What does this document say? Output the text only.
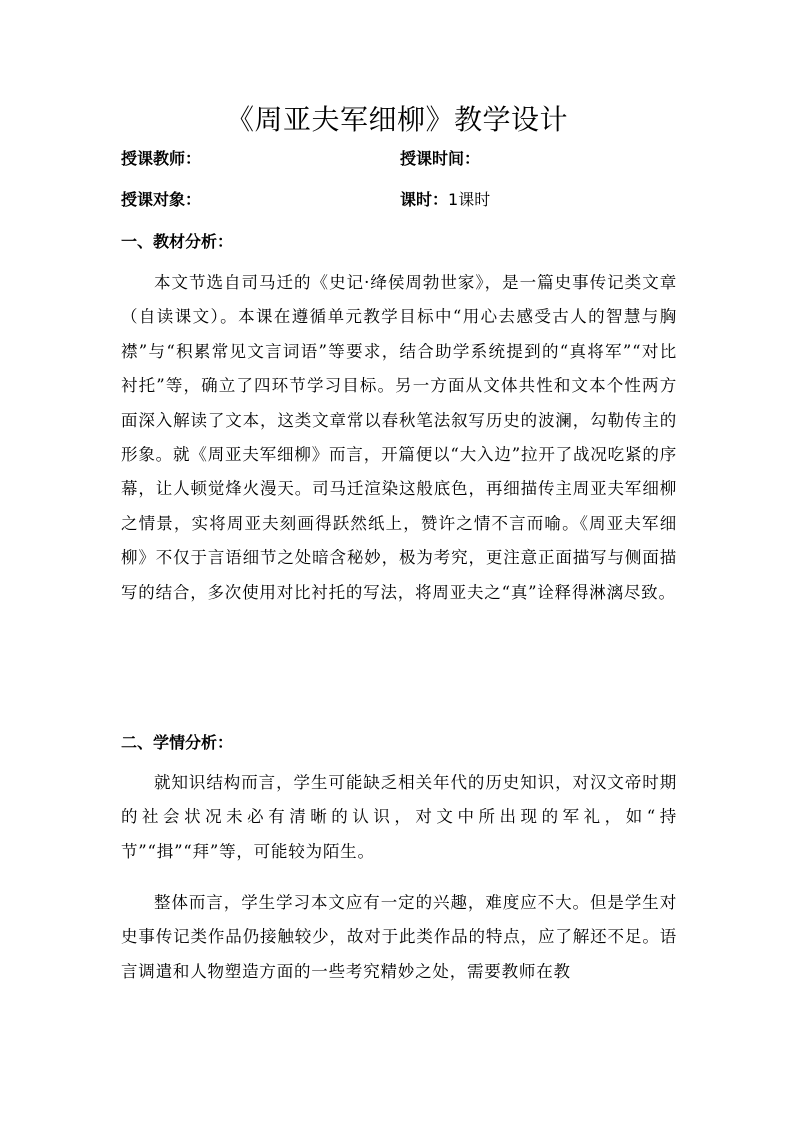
《周亚夫军细柳》教学设计
授课教师：	授课时间：
授课对象：	课时：1课时
一、教材分析：

本文节选自司马迁的《史记·绛侯周勃世家》，是一篇史事传记类文章（自读课文）。本课在遵循单元教学目标中“用心去感受古人的智慧与胸襟”与“积累常见文言词语”等要求，结合助学系统提到的“真将军”“对比衬托”等，确立了四环节学习目标。另一方面从文体共性和文本个性两方面深入解读了文本，这类文章常以春秋笔法叙写历史的波澜，勾勒传主的形象。就《周亚夫军细柳》而言，开篇便以“大入边”拉开了战况吃紧的序幕，让人顿觉烽火漫天。司马迁渲染这般底色，再细描传主周亚夫军细柳之情景，实将周亚夫刻画得跃然纸上，赞许之情不言而喻。《周亚夫军细柳》不仅于言语细节之处暗含秘妙，极为考究，更注意正面描写与侧面描写的结合，多次使用对比衬托的写法，将周亚夫之“真”诠释得淋漓尽致。

二、学情分析：

就知识结构而言，学生可能缺乏相关年代的历史知识，对汉文帝时期的社会状况未必有清晰的认识，对文中所出现的军礼，如“持节”“揖”“拜”等，可能较为陌生。

整体而言，学生学习本文应有一定的兴趣，难度应不大。但是学生对史事传记类作品仍接触较少，故对于此类作品的特点，应了解还不足。语言调遣和人物塑造方面的一些考究精妙之处，需要教师在教
